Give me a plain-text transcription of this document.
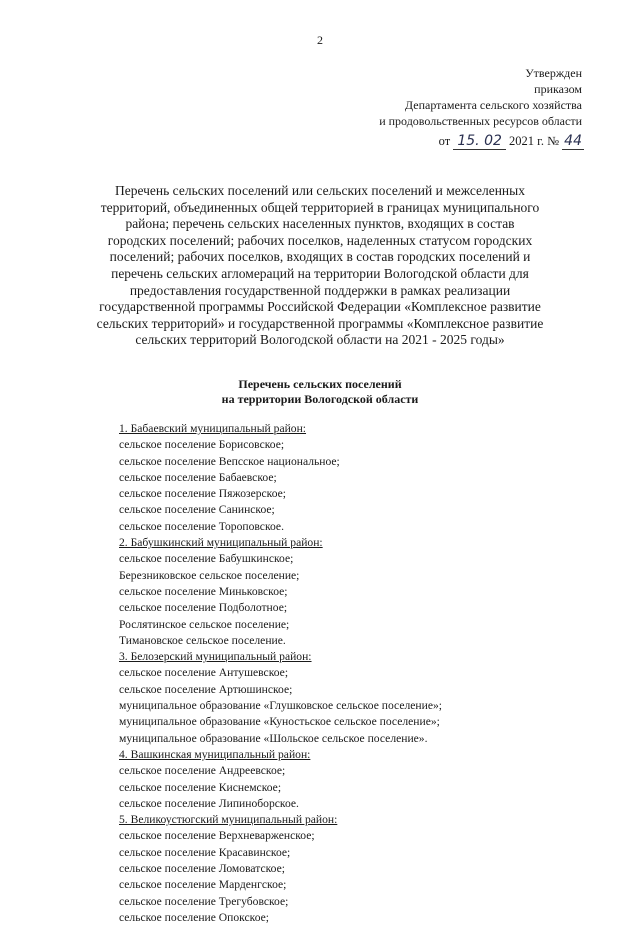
2
Утвержден
приказом
Департамента сельского хозяйства
и продовольственных ресурсов области
от 15. 02 2021 г. № 44
Перечень сельских поселений или сельских поселений и межселенных
территорий, объединенных общей территорией в границах муниципального
района; перечень сельских населенных пунктов, входящих в состав
городских поселений; рабочих поселков, наделенных статусом городских
поселений; рабочих поселков, входящих в состав городских поселений и
перечень сельских агломераций на территории Вологодской области для
предоставления государственной поддержки в рамках реализации
государственной программы Российской Федерации «Комплексное развитие
сельских территорий» и государственной программы «Комплексное развитие
сельских территорий Вологодской области на 2021 - 2025 годы»
Перечень сельских поселений
на территории Вологодской области
1. Бабаевский муниципальный район:
сельское поселение Борисовское;
сельское поселение Вепсское национальное;
сельское поселение Бабаевское;
сельское поселение Пяжозерское;
сельское поселение Санинское;
сельское поселение Тороповское.
2. Бабушкинский муниципальный район:
сельское поселение Бабушкинское;
Березниковское сельское поселение;
сельское поселение Миньковское;
сельское поселение Подболотное;
Рослятинское сельское поселение;
Тимановское сельское поселение.
3. Белозерский муниципальный район:
сельское поселение Антушевское;
сельское поселение Артюшинское;
муниципальное образование «Глушковское сельское поселение»;
муниципальное образование «Куностьское сельское поселение»;
муниципальное образование «Шольское сельское поселение».
4. Вашкинская муниципальный район:
сельское поселение Андреевское;
сельское поселение Киснемское;
сельское поселение Липиноборское.
5. Великоустюгский муниципальный район:
сельское поселение Верхневарженское;
сельское поселение Красавинское;
сельское поселение Ломоватское;
сельское поселение Марденгское;
сельское поселение Трегубовское;
сельское поселение Опокское;
